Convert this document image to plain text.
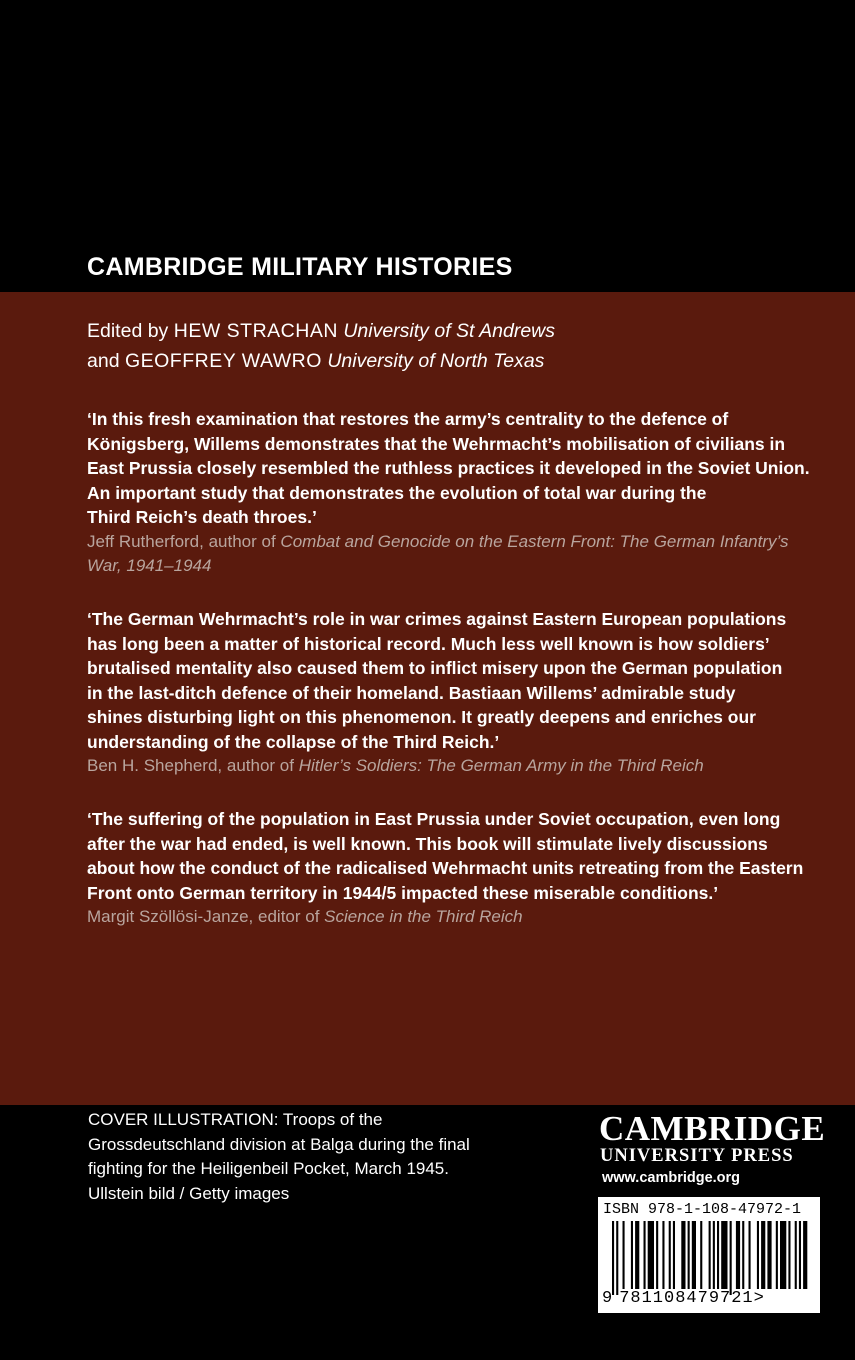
CAMBRIDGE MILITARY HISTORIES
Edited by HEW STRACHAN University of St Andrews
and GEOFFREY WAWRO University of North Texas
‘In this fresh examination that restores the army’s centrality to the defence of
Königsberg, Willems demonstrates that the Wehrmacht’s mobilisation of civilians in
East Prussia closely resembled the ruthless practices it developed in the Soviet Union.
An important study that demonstrates the evolution of total war during the
Third Reich’s death throes.’
Jeff Rutherford, author of Combat and Genocide on the Eastern Front: The German Infantry’s
War, 1941–1944
‘The German Wehrmacht’s role in war crimes against Eastern European populations
has long been a matter of historical record. Much less well known is how soldiers’
brutalised mentality also caused them to inflict misery upon the German population
in the last-ditch defence of their homeland. Bastiaan Willems’ admirable study
shines disturbing light on this phenomenon. It greatly deepens and enriches our
understanding of the collapse of the Third Reich.’
Ben H. Shepherd, author of Hitler’s Soldiers: The German Army in the Third Reich
‘The suffering of the population in East Prussia under Soviet occupation, even long
after the war had ended, is well known. This book will stimulate lively discussions
about how the conduct of the radicalised Wehrmacht units retreating from the Eastern
Front onto German territory in 1944/5 impacted these miserable conditions.’
Margit Szöllösi-Janze, editor of Science in the Third Reich
COVER ILLUSTRATION: Troops of the
Grossdeutschland division at Balga during the final
fighting for the Heiligenbeil Pocket, March 1945.
Ullstein bild / Getty images
CAMBRIDGE
UNIVERSITY PRESS
www.cambridge.org
ISBN 978-1-108-47972-1
9 781108479721>
